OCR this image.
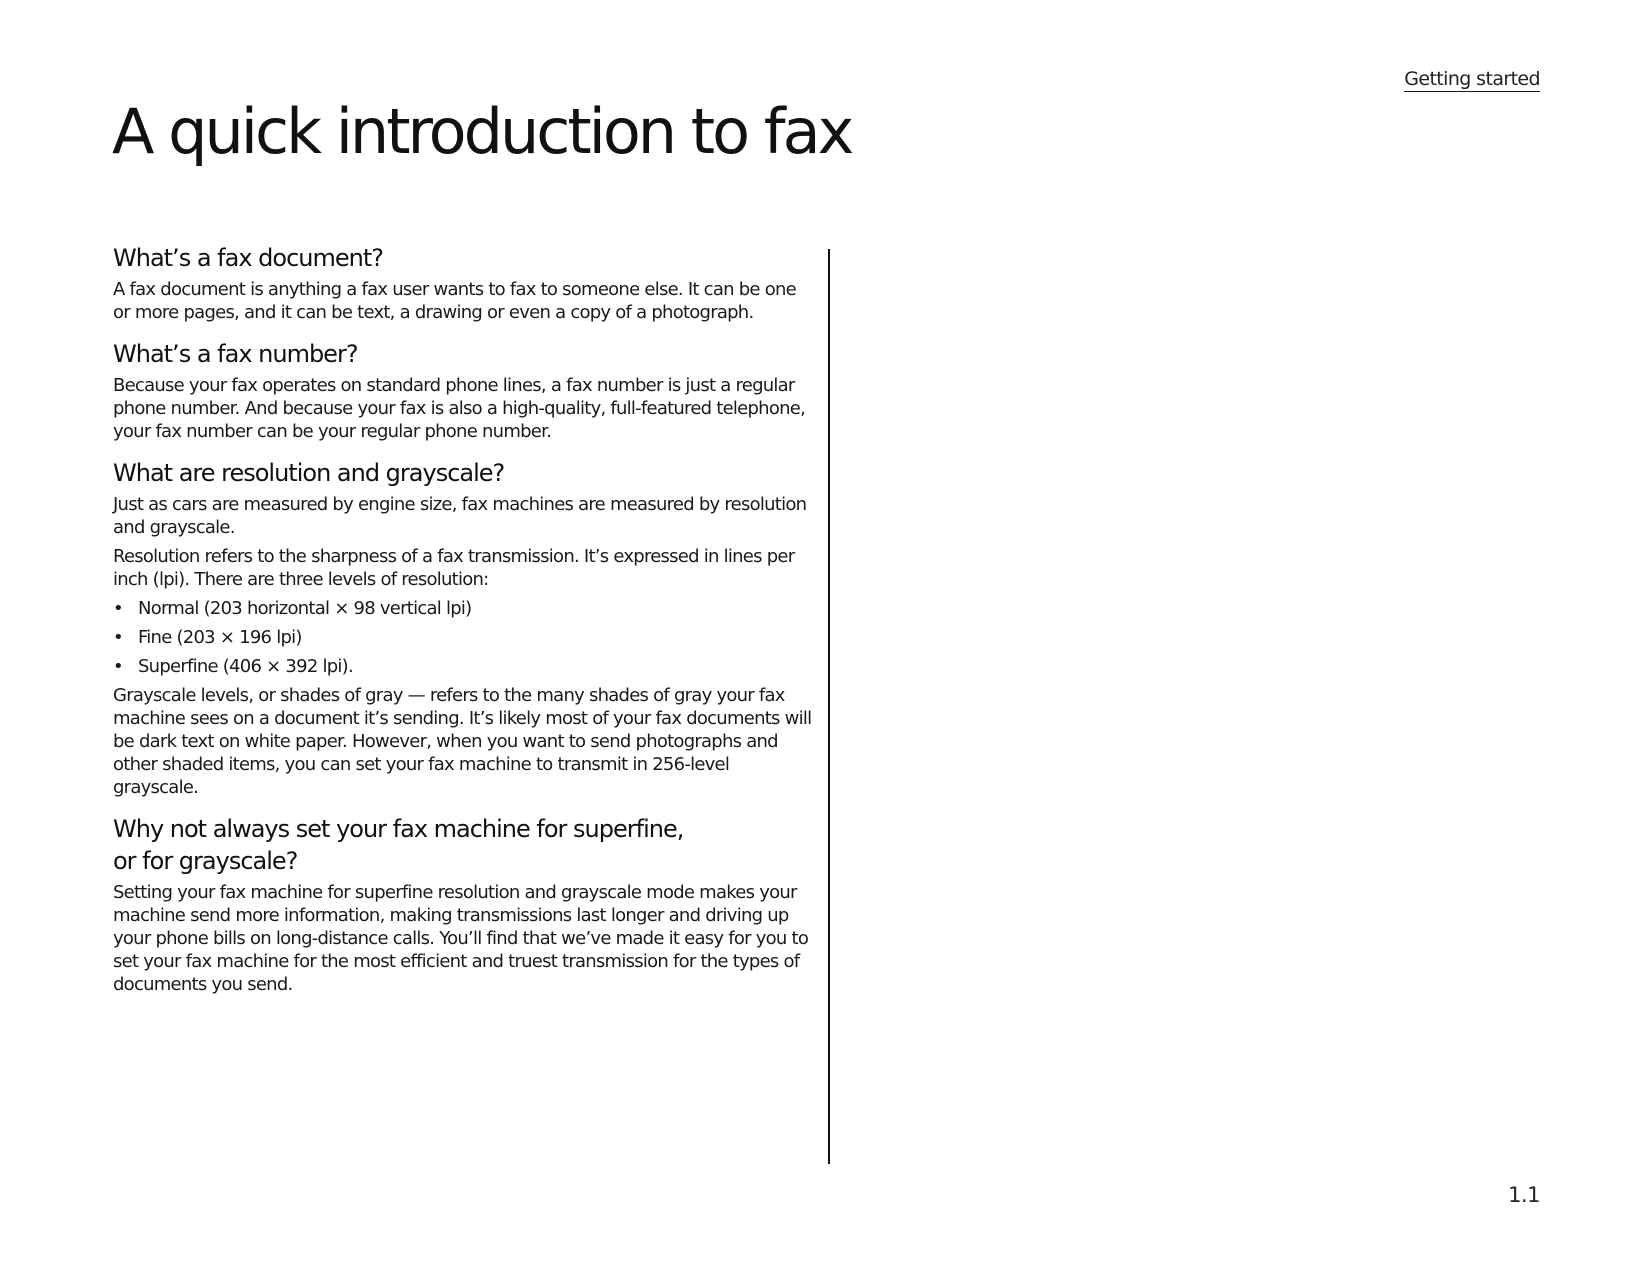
Getting started
A quick introduction to fax
What’s a fax document?

A fax document is anything a fax user wants to fax to someone else. It can be one or more pages, and it can be text, a drawing or even a copy of a photograph.

What’s a fax number?

Because your fax operates on standard phone lines, a fax number is just a regular phone number. And because your fax is also a high-quality, full-featured telephone, your fax number can be your regular phone number.

What are resolution and grayscale?

Just as cars are measured by engine size, fax machines are measured by resolution and grayscale.

Resolution refers to the sharpness of a fax transmission. It’s expressed in lines per inch (lpi). There are three levels of resolution:

• Normal (203 horizontal × 98 vertical lpi)
• Fine (203 × 196 lpi)
• Superfine (406 × 392 lpi).

Grayscale levels, or shades of gray — refers to the many shades of gray your fax machine sees on a document it’s sending. It’s likely most of your fax documents will be dark text on white paper. However, when you want to send photographs and other shaded items, you can set your fax machine to transmit in 256-level grayscale.

Why not always set your fax machine for superfine,
or for grayscale?

Setting your fax machine for superfine resolution and grayscale mode makes your machine send more information, making transmissions last longer and driving up your phone bills on long-distance calls. You’ll find that we’ve made it easy for you to set your fax machine for the most efficient and truest transmission for the types of documents you send.

1.1
